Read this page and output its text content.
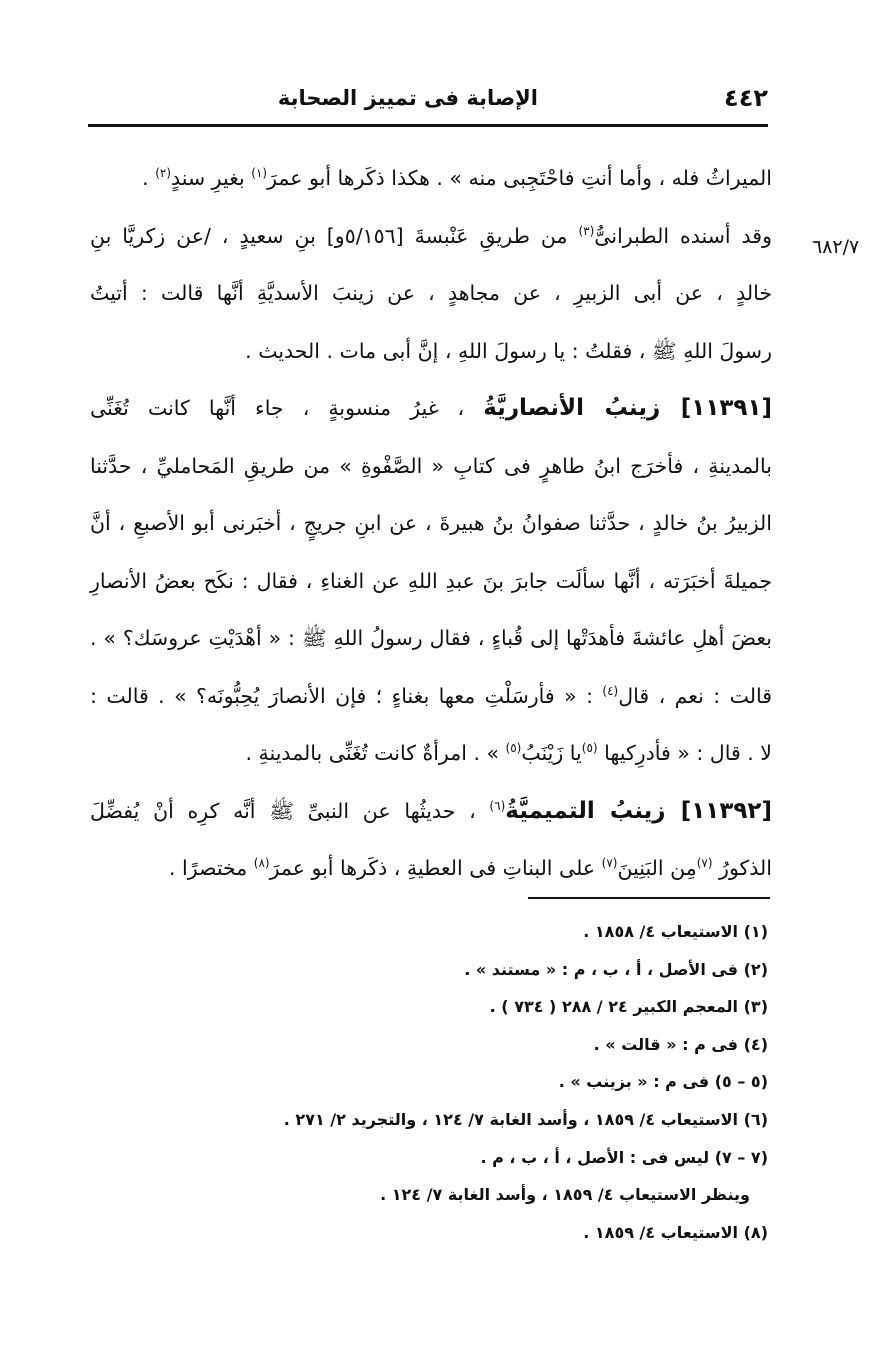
٤٤٢
الإصابة فى تمييز الصحابة
٦٨٢/٧

الميراثُ فله ، وأما أنتِ فاحْتَجِبى منه » . هكذا ذكَرها أبو عمرَ$^{(١)}$ بغيرِ سندٍ$^{(٢)}$ .

وقد أسنده الطبرانىُّ$^{(٣)}$ من طريقِ عَنْبسةَ [٥/١٥٦و] بنِ سعيدٍ ، /عن زكريَّا بنِ
خالدٍ ، عن أبى الزبيرِ ، عن مجاهدٍ ، عن زينبَ الأسديَّةِ أنَّها قالت : أتيتُ
رسولَ اللهِ ﷺ ، فقلتُ : يا رسولَ اللهِ ، إنَّ أبى مات . الحديث .

[١١٣٩١] زينبُ الأنصاريَّةُ ، غيرُ منسوبةٍ ، جاء أنَّها كانت تُغَنِّى
بالمدينةِ ، فأخرَج ابنُ طاهرٍ فى كتابِ « الصَّفْوةِ » من طريقِ المَحامليِّ ، حدَّثنا
الزبيرُ بنُ خالدٍ ، حدَّثنا صفوانُ بنُ هبيرةَ ، عن ابنِ جريجٍ ، أخبَرنى أبو الأصبعِ ، أنَّ
جميلةَ أخبَرَته ، أنَّها سألَت جابرَ بنَ عبدِ اللهِ عن الغناءِ ، فقال : نكَح بعضُ الأنصارِ
بعضَ أهلِ عائشةَ فأهدَتْها إلى قُباءٍ ، فقال رسولُ اللهِ ﷺ : « أهْدَيْتِ عروسَك؟ » .
قالت : نعم ، قال$^{(٤)}$ : « فأرسَلْتِ معها بغناءٍ ؛ فإن الأنصارَ يُحِبُّونَه؟ » . قالت :
لا . قال : « فأدرِكيها $^{(٥)}$يا زَيْنَبُ$^{(٥)}$ » . امرأةٌ كانت تُغَنِّى بالمدينةِ .

[١١٣٩٢] زينبُ التميميَّةُ$^{(٦)}$ ، حديثُها عن النبىِّ ﷺ أنَّه كرِه أنْ يُفضِّلَ
الذكورُ $^{(٧)}$مِن البَنِينَ$^{(٧)}$ على البناتِ فى العطيةِ ، ذكَرها أبو عمرَ$^{(٨)}$ مختصرًا .

(١) الاستيعاب ٤/ ١٨٥٨ .
(٢) فى الأصل ، أ ، ب ، م : « مستند » .
(٣) المعجم الكبير ٢٤ / ٢٨٨ ( ٧٣٤ ) .
(٤) فى م : « قالت » .
(٥ – ٥) فى م : « بزينب » .
(٦) الاستيعاب ٤/ ١٨٥٩ ، وأسد الغابة ٧/ ١٢٤ ، والتجريد ٢/ ٢٧١ .
(٧ – ٧) ليس فى : الأصل ، أ ، ب ، م .
وينظر الاستيعاب ٤/ ١٨٥٩ ، وأسد الغابة ٧/ ١٢٤ .
(٨) الاستيعاب ٤/ ١٨٥٩ .
